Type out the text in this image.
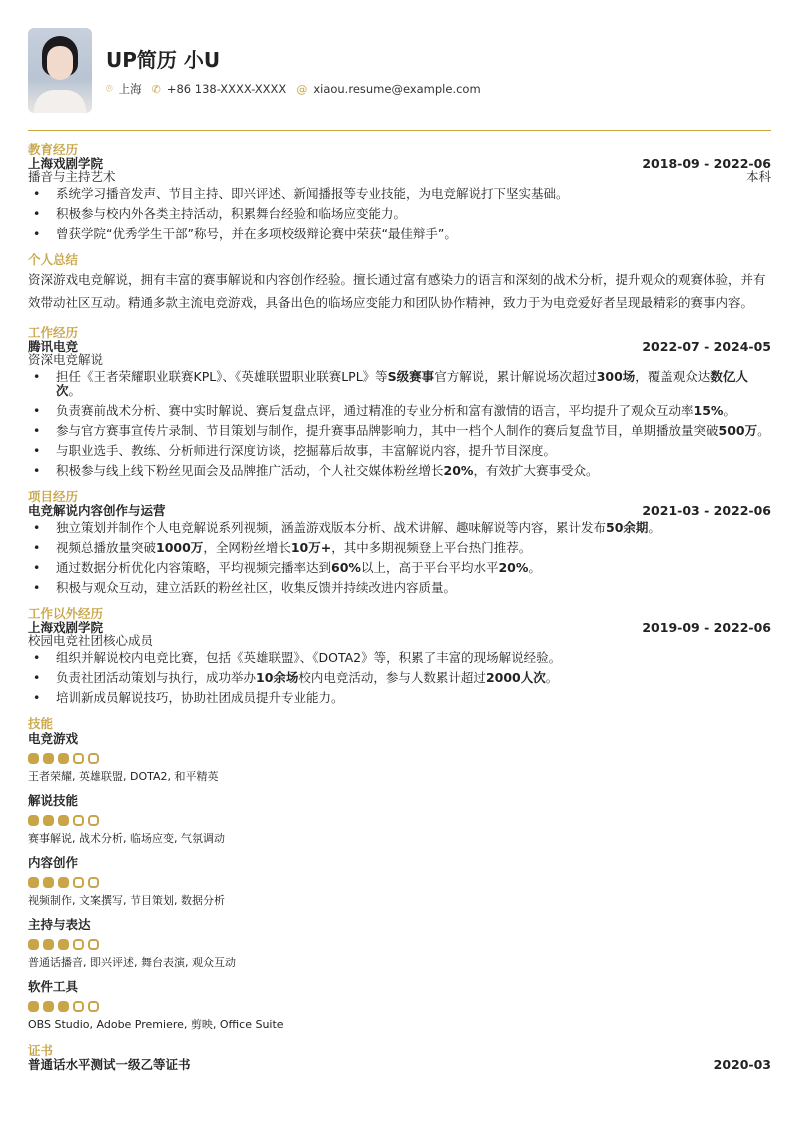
UP简历 小U
⌾ 上海 ✆ +86 138-XXXX-XXXX @ xiaou.resume@example.com
教育经历
上海戏剧学院	2018-09 - 2022-06
播音与主持艺术	本科
• 系统学习播音发声、节目主持、即兴评述、新闻播报等专业技能，为电竞解说打下坚实基础。
• 积极参与校内外各类主持活动，积累舞台经验和临场应变能力。
• 曾获学院“优秀学生干部”称号，并在多项校级辩论赛中荣获“最佳辩手”。
个人总结
资深游戏电竞解说，拥有丰富的赛事解说和内容创作经验。擅长通过富有感染力的语言和深刻的战术分析，提升观众的观赛体验，并有效带动社区互动。精通多款主流电竞游戏，具备出色的临场应变能力和团队协作精神，致力于为电竞爱好者呈现最精彩的赛事内容。
工作经历
腾讯电竞	2022-07 - 2024-05
资深电竞解说
• 担任《王者荣耀职业联赛KPL》、《英雄联盟职业联赛LPL》等S级赛事官方解说，累计解说场次超过300场，覆盖观众达数亿人次。
• 负责赛前战术分析、赛中实时解说、赛后复盘点评，通过精准的专业分析和富有激情的语言，平均提升了观众互动率15%。
• 参与官方赛事宣传片录制、节目策划与制作，提升赛事品牌影响力，其中一档个人制作的赛后复盘节目，单期播放量突破500万。
• 与职业选手、教练、分析师进行深度访谈，挖掘幕后故事，丰富解说内容，提升节目深度。
• 积极参与线上线下粉丝见面会及品牌推广活动，个人社交媒体粉丝增长20%，有效扩大赛事受众。
项目经历
电竞解说内容创作与运营	2021-03 - 2022-06
• 独立策划并制作个人电竞解说系列视频，涵盖游戏版本分析、战术讲解、趣味解说等内容，累计发布50余期。
• 视频总播放量突破1000万，全网粉丝增长10万+，其中多期视频登上平台热门推荐。
• 通过数据分析优化内容策略，平均视频完播率达到60%以上，高于平台平均水平20%。
• 积极与观众互动，建立活跃的粉丝社区，收集反馈并持续改进内容质量。
工作以外经历
上海戏剧学院	2019-09 - 2022-06
校园电竞社团核心成员
• 组织并解说校内电竞比赛，包括《英雄联盟》、《DOTA2》等，积累了丰富的现场解说经验。
• 负责社团活动策划与执行，成功举办10余场校内电竞活动，参与人数累计超过2000人次。
• 培训新成员解说技巧，协助社团成员提升专业能力。
技能
电竞游戏
王者荣耀, 英雄联盟, DOTA2, 和平精英
解说技能
赛事解说, 战术分析, 临场应变, 气氛调动
内容创作
视频制作, 文案撰写, 节目策划, 数据分析
主持与表达
普通话播音, 即兴评述, 舞台表演, 观众互动
软件工具
OBS Studio, Adobe Premiere, 剪映, Office Suite
证书
普通话水平测试一级乙等证书	2020-03
